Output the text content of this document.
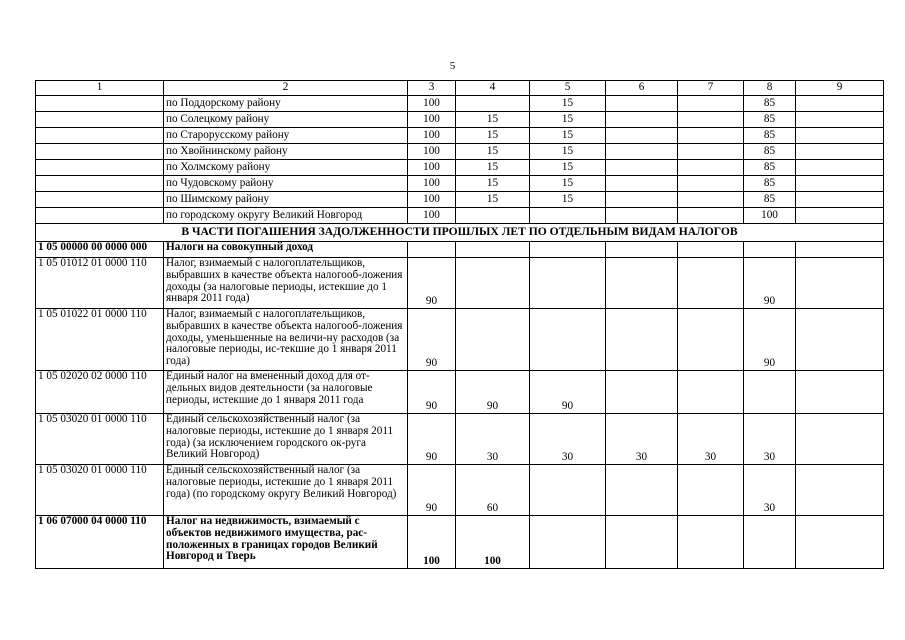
5
1	2	3	4	5	6	7	8	9
	по Поддорскому району	100		15			85	
	по Солецкому району	100	15	15			85	
	по Старорусскому району	100	15	15			85	
	по Хвойнинскому району	100	15	15			85	
	по Холмскому району	100	15	15			85	
	по Чудовскому району	100	15	15			85	
	по Шимскому району	100	15	15			85	
	по городскому округу Великий Новгород	100					100	
В ЧАСТИ ПОГАШЕНИЯ ЗАДОЛЖЕННОСТИ ПРОШЛЫХ ЛЕТ ПО ОТДЕЛЬНЫМ ВИДАМ НАЛОГОВ								
1 05 00000 00 0000 000	Налоги на совокупный доход							
1 05 01012 01 0000 110	Налог, взимаемый с налогоплательщиков, выбравших в качестве объекта налогооб-ложения доходы (за налоговые периоды, истекшие до 1 января 2011 года)	90					90	
1 05 01022 01 0000 110	Налог, взимаемый с налогоплательщиков, выбравших в качестве объекта налогооб-ложения доходы, уменьшенные на величи-ну расходов (за налоговые периоды, ис-текшие до 1 января 2011 года)	90					90	
1 05 02020 02 0000 110	Единый налог на вмененный доход для от-дельных видов деятельности (за налоговые периоды, истекшие до 1 января 2011 года	90	90	90				
1 05 03020 01 0000 110	Единый сельскохозяйственный налог (за налоговые периоды, истекшие до 1 января 2011 года) (за исключением городского ок-руга Великий Новгород)	90	30	30	30	30	30	
1 05 03020 01 0000 110	Единый сельскохозяйственный налог (за налоговые периоды, истекшие до 1 января 2011 года) (по городскому округу Великий Новгород)	90	60				30	
1 06 07000 04 0000 110	Налог на недвижимость, взимаемый с объектов недвижимого имущества, рас-положенных в границах городов Великий Новгород и Тверь	100	100					
